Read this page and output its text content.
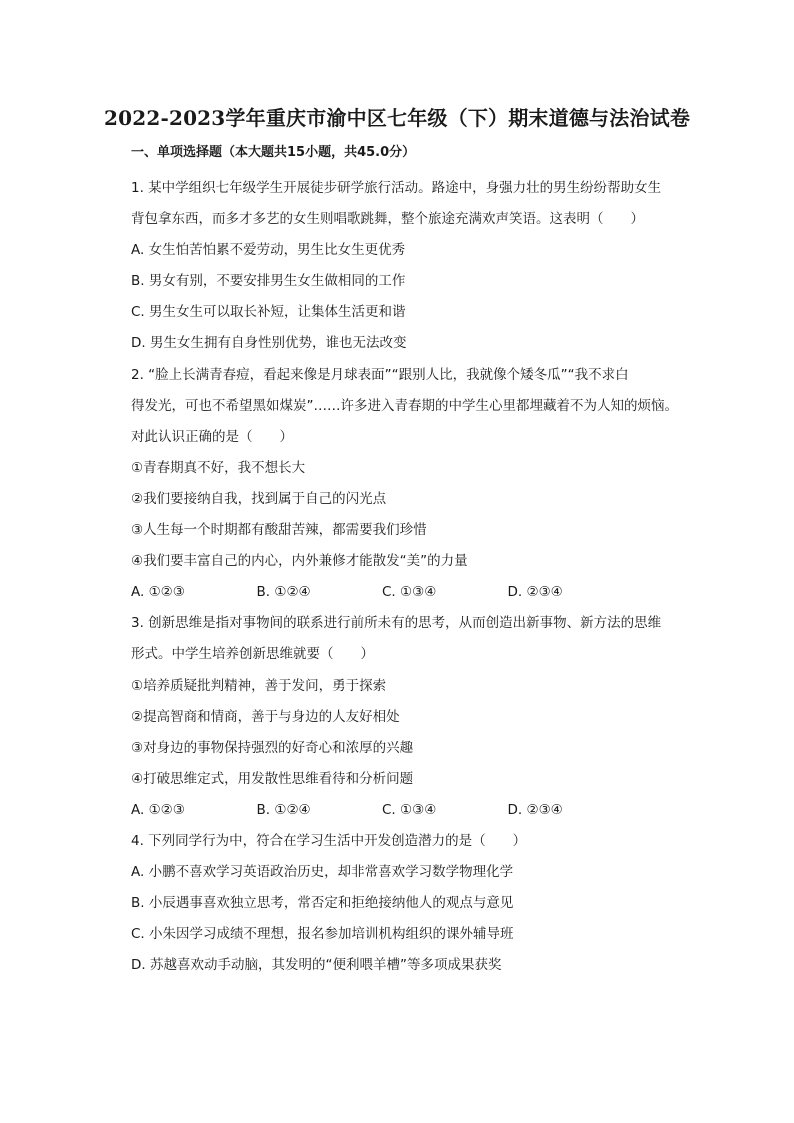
2022-2023学年重庆市渝中区七年级（下）期末道德与法治试卷
一、单项选择题（本大题共15小题，共45.0分）
1. 某中学组织七年级学生开展徒步研学旅行活动。路途中，身强力壮的男生纷纷帮助女生
背包拿东西，而多才多艺的女生则唱歌跳舞，整个旅途充满欢声笑语。这表明（　　）
A. 女生怕苦怕累不爱劳动，男生比女生更优秀
B. 男女有别，不要安排男生女生做相同的工作
C. 男生女生可以取长补短，让集体生活更和谐
D. 男生女生拥有自身性别优势，谁也无法改变
2. “脸上长满青春痘，看起来像是月球表面”“跟别人比，我就像个矮冬瓜”“我不求白
得发光，可也不希望黑如煤炭”……许多进入青春期的中学生心里都埋藏着不为人知的烦恼。
对此认识正确的是（　　）
①青春期真不好，我不想长大
②我们要接纳自我，找到属于自己的闪光点
③人生每一个时期都有酸甜苦辣，都需要我们珍惜
④我们要丰富自己的内心，内外兼修才能散发“美”的力量
A. ①②③	B. ①②④	C. ①③④	D. ②③④
3. 创新思维是指对事物间的联系进行前所未有的思考，从而创造出新事物、新方法的思维
形式。中学生培养创新思维就要（　　）
①培养质疑批判精神，善于发问，勇于探索
②提高智商和情商，善于与身边的人友好相处
③对身边的事物保持强烈的好奇心和浓厚的兴趣
④打破思维定式，用发散性思维看待和分析问题
A. ①②③	B. ①②④	C. ①③④	D. ②③④
4. 下列同学行为中，符合在学习生活中开发创造潜力的是（　　）
A. 小鹏不喜欢学习英语政治历史，却非常喜欢学习数学物理化学
B. 小辰遇事喜欢独立思考，常否定和拒绝接纳他人的观点与意见
C. 小朱因学习成绩不理想，报名参加培训机构组织的课外辅导班
D. 苏越喜欢动手动脑，其发明的“便利喂羊槽”等多项成果获奖
